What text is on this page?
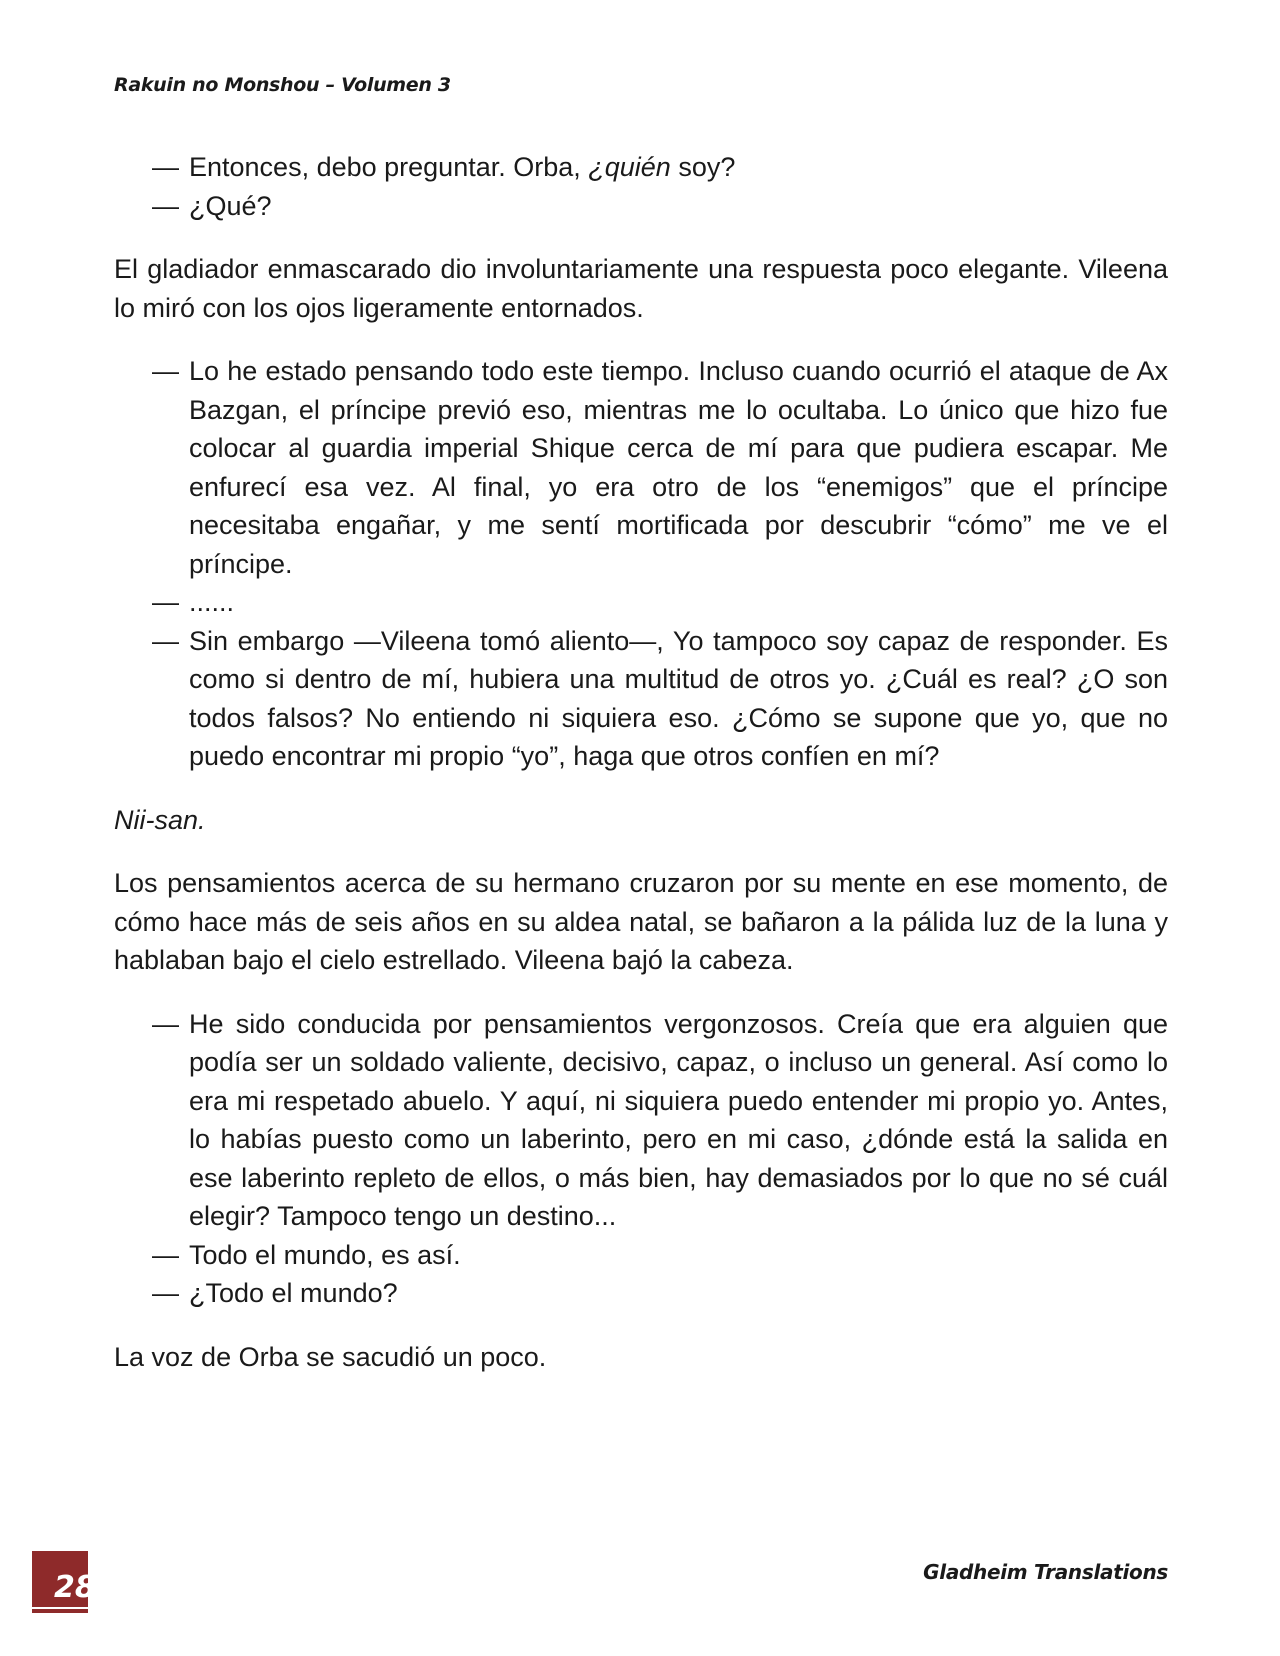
Rakuin no Monshou – Volumen 3

— Entonces, debo preguntar. Orba, ¿quién soy?

— ¿Qué?

El gladiador enmascarado dio involuntariamente una respuesta poco elegante. Vileena lo miró con los ojos ligeramente entornados.

— Lo he estado pensando todo este tiempo. Incluso cuando ocurrió el ataque de Ax Bazgan, el príncipe previó eso, mientras me lo ocultaba. Lo único que hizo fue colocar al guardia imperial Shique cerca de mí para que pudiera escapar. Me enfurecí esa vez. Al final, yo era otro de los “enemigos” que el príncipe necesitaba engañar, y me sentí mortificada por descubrir “cómo” me ve el príncipe.

— ......

— Sin embargo —Vileena tomó aliento—, Yo tampoco soy capaz de responder. Es como si dentro de mí, hubiera una multitud de otros yo. ¿Cuál es real? ¿O son todos falsos? No entiendo ni siquiera eso. ¿Cómo se supone que yo, que no puedo encontrar mi propio “yo”, haga que otros confíen en mí?

Nii-san.

Los pensamientos acerca de su hermano cruzaron por su mente en ese momento, de cómo hace más de seis años en su aldea natal, se bañaron a la pálida luz de la luna y hablaban bajo el cielo estrellado. Vileena bajó la cabeza.

— He sido conducida por pensamientos vergonzosos. Creía que era alguien que podía ser un soldado valiente, decisivo, capaz, o incluso un general. Así como lo era mi respetado abuelo. Y aquí, ni siquiera puedo entender mi propio yo. Antes, lo habías puesto como un laberinto, pero en mi caso, ¿dónde está la salida en ese laberinto repleto de ellos, o más bien, hay demasiados por lo que no sé cuál elegir? Tampoco tengo un destino...

— Todo el mundo, es así.

— ¿Todo el mundo?

La voz de Orba se sacudió un poco.

28	Gladheim Translations
